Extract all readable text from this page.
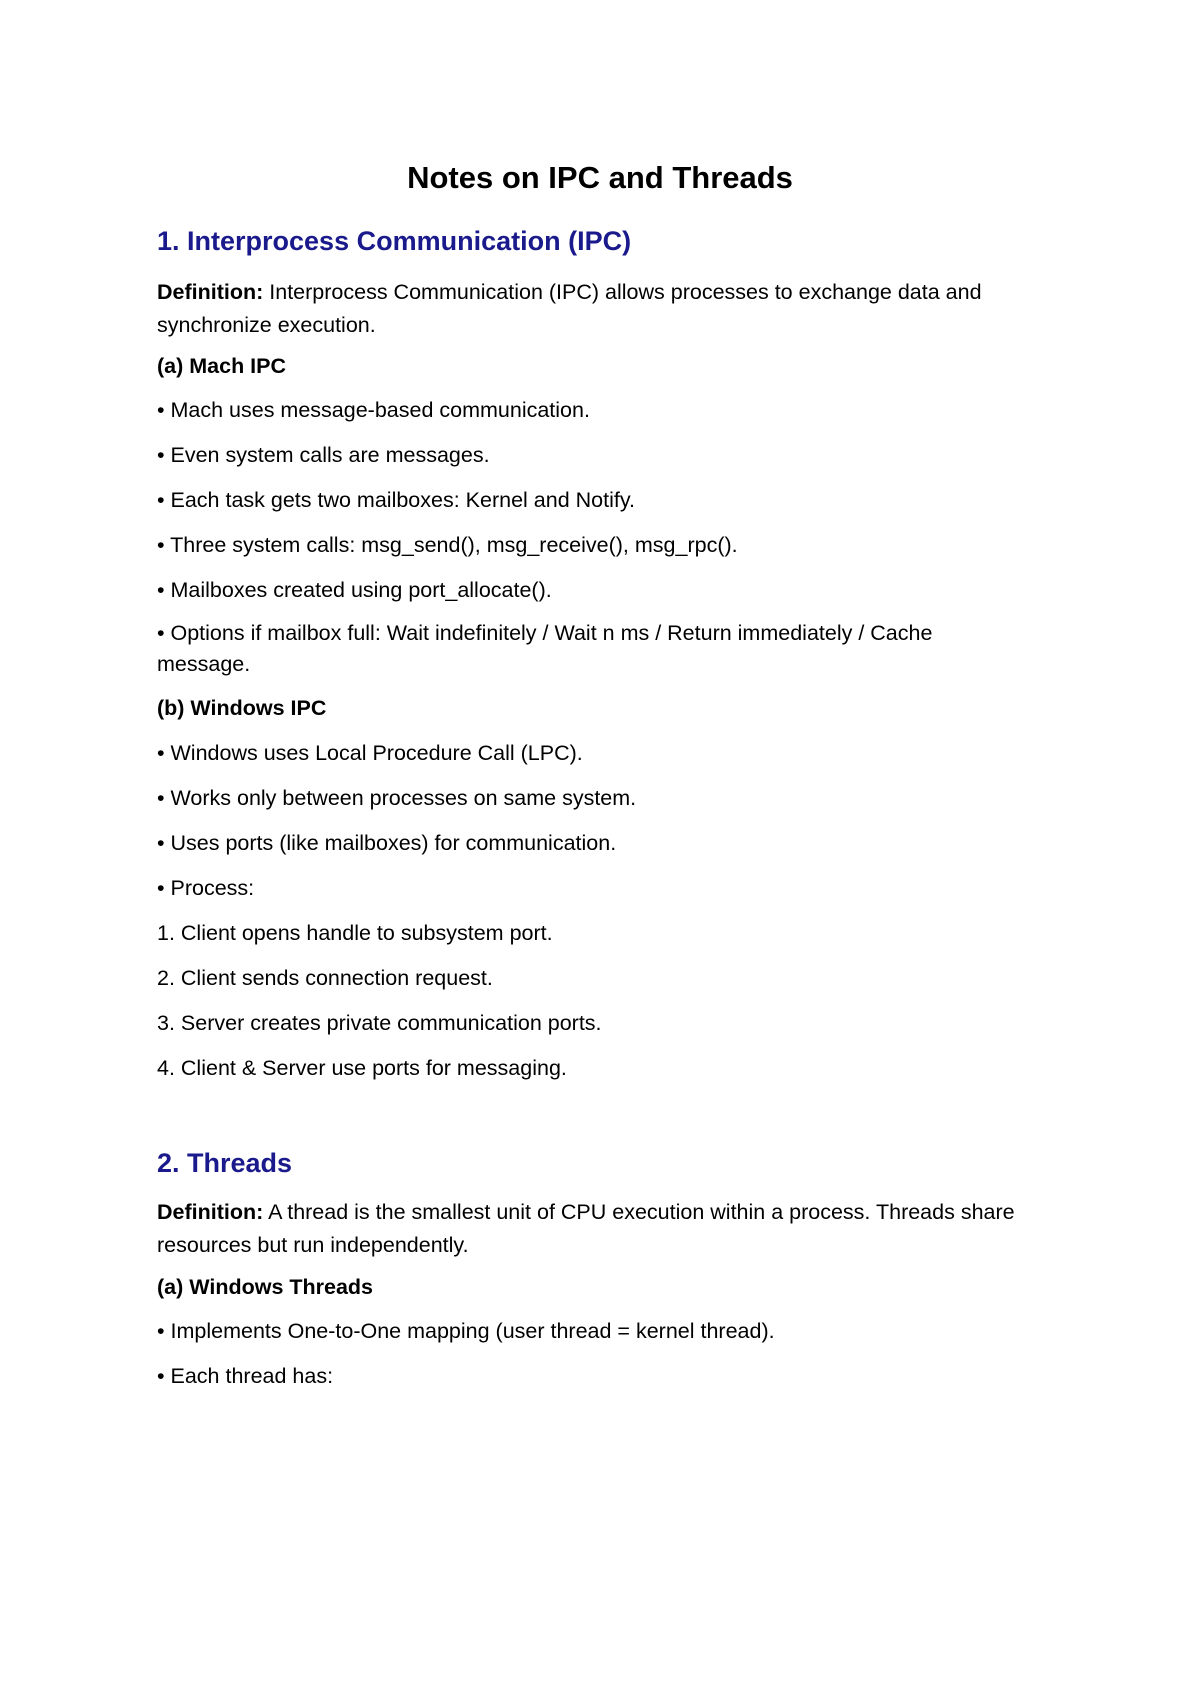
Notes on IPC and Threads
1. Interprocess Communication (IPC)

Definition: Interprocess Communication (IPC) allows processes to exchange data and synchronize execution.

(a) Mach IPC

• Mach uses message-based communication.

• Even system calls are messages.

• Each task gets two mailboxes: Kernel and Notify.

• Three system calls: msg_send(), msg_receive(), msg_rpc().

• Mailboxes created using port_allocate().

• Options if mailbox full: Wait indefinitely / Wait n ms / Return immediately / Cache message.

(b) Windows IPC

• Windows uses Local Procedure Call (LPC).

• Works only between processes on same system.

• Uses ports (like mailboxes) for communication.

• Process:

1. Client opens handle to subsystem port.

2. Client sends connection request.

3. Server creates private communication ports.

4. Client & Server use ports for messaging.

2. Threads

Definition: A thread is the smallest unit of CPU execution within a process. Threads share resources but run independently.

(a) Windows Threads

• Implements One-to-One mapping (user thread = kernel thread).

• Each thread has:
